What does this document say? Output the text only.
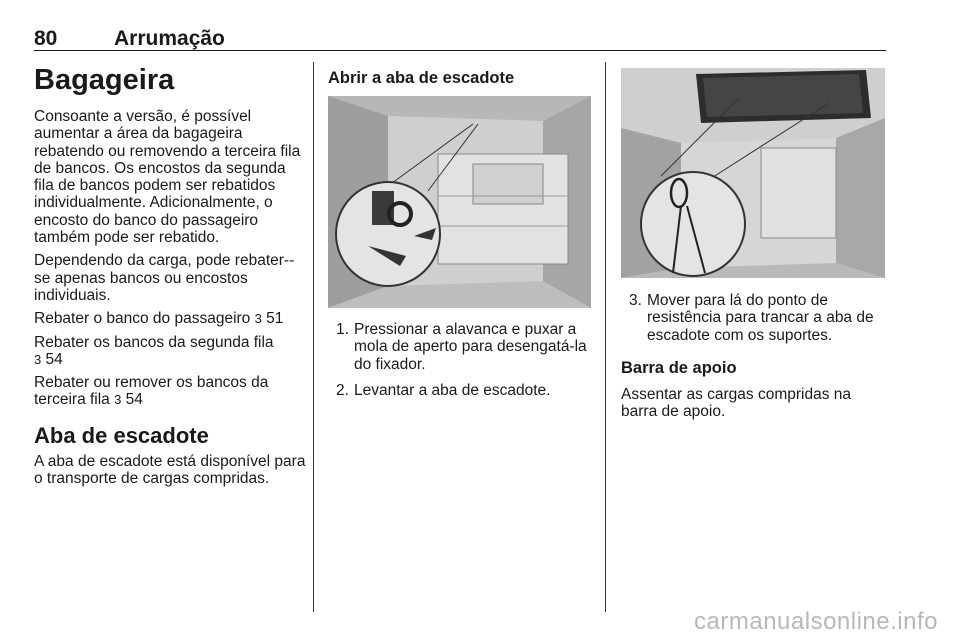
80	Arrumação
Bagageira

Consoante a versão, é possível aumentar a área da bagageira rebatendo ou removendo a terceira fila de bancos. Os encostos da segunda fila de bancos podem ser rebatidos individualmente. Adicionalmente, o encosto do banco do passageiro também pode ser rebatido.

Dependendo da carga, pode rebater--se apenas bancos ou encostos individuais.

Rebater o banco do passageiro 3 51

Rebater os bancos da segunda fila
3 54

Rebater ou remover os bancos da terceira fila 3 54

Aba de escadote

A aba de escadote está disponível para o transporte de cargas compridas.

Abrir a aba de escadote
1. Pressionar a alavanca e puxar a mola de aperto para desengatá-la do fixador.
2. Levantar a aba de escadote.
3. Mover para lá do ponto de resistência para trancar a aba de escadote com os suportes.
Barra de apoio

Assentar as cargas compridas na barra de apoio.

carmanualsonline.info
